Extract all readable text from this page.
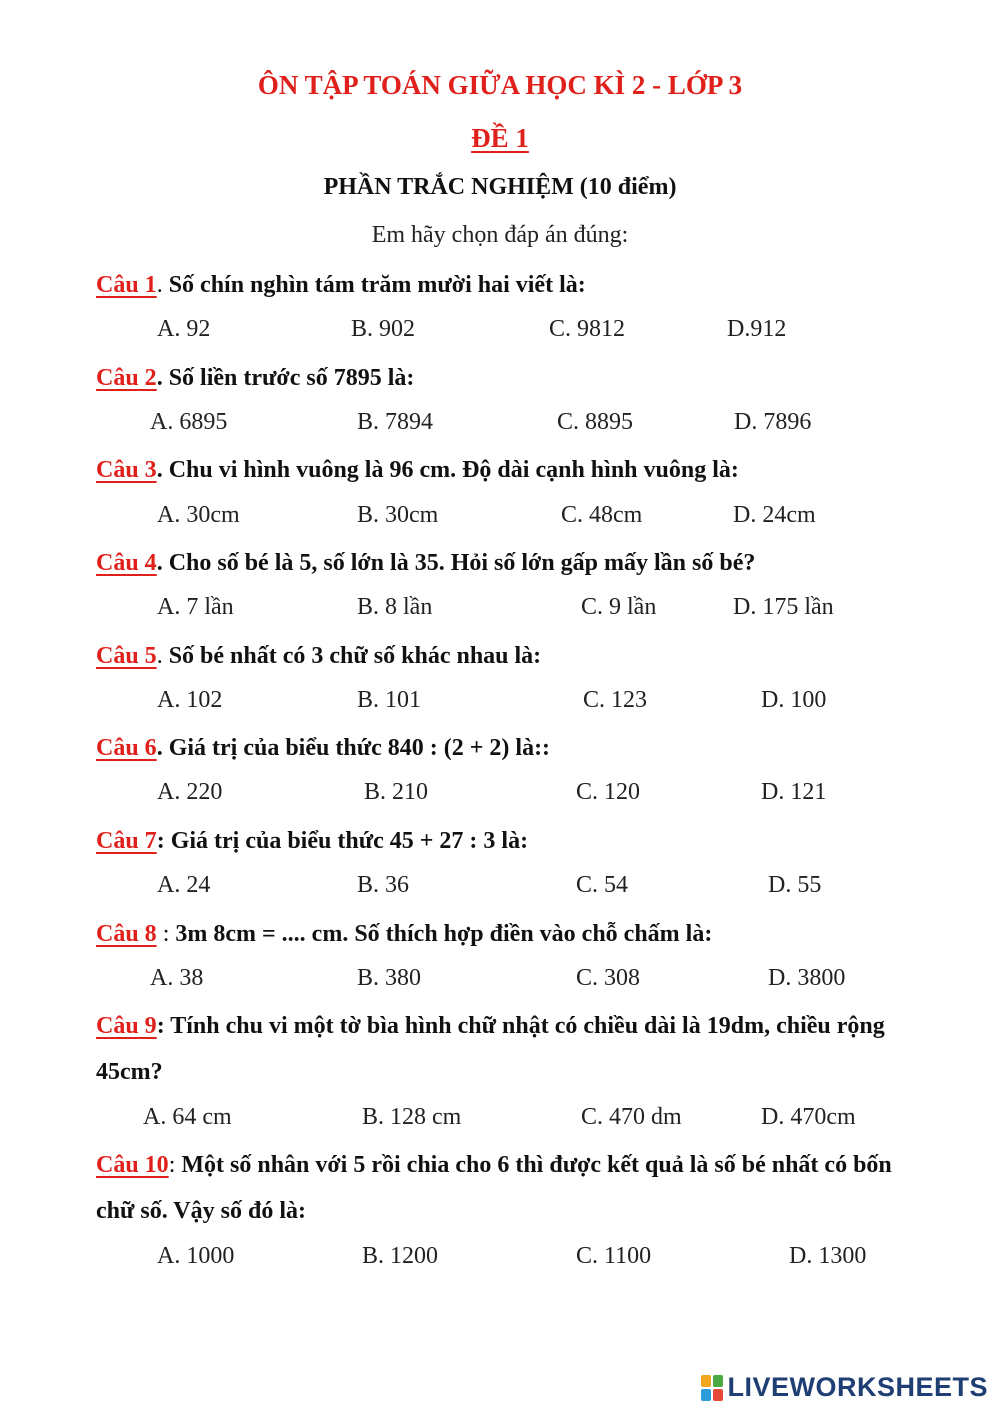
ÔN TẬP TOÁN GIỮA HỌC KÌ 2 - LỚP 3
ĐỀ 1
PHẦN TRẮC NGHIỆM (10 điểm)
Em hãy chọn đáp án đúng:
Câu 1. Số chín nghìn tám trăm mười hai viết là:
A. 92	B. 902	C. 9812	D.912
Câu 2. Số liền trước số 7895 là:
A. 6895	B. 7894	C. 8895	D. 7896
Câu 3. Chu vi hình vuông là 96 cm. Độ dài cạnh hình vuông là:
A. 30cm	B. 30cm	C. 48cm	D. 24cm
Câu 4. Cho số bé là 5, số lớn là 35. Hỏi số lớn gấp mấy lần số bé?
A. 7 lần	B. 8 lần	C. 9 lần	D. 175 lần
Câu 5. Số bé nhất có 3 chữ số khác nhau là:
A. 102	B. 101	C. 123	D. 100
Câu 6. Giá trị của biểu thức 840 : (2 + 2) là::
A. 220	B. 210	C. 120	D. 121
Câu 7: Giá trị của biểu thức 45 + 27 : 3 là:
A. 24	B. 36	C. 54	D. 55
Câu 8 : 3m 8cm = .... cm. Số thích hợp điền vào chỗ chấm là:
A. 38	B. 380	C. 308	D. 3800
Câu 9: Tính chu vi một tờ bìa hình chữ nhật có chiều dài là 19dm, chiều rộng 45cm?
A. 64 cm	B. 128 cm	C. 470 dm	D. 470cm
Câu 10: Một số nhân với 5 rồi chia cho 6 thì được kết quả là số bé nhất có bốn chữ số. Vậy số đó là:
A. 1000	B. 1200	C. 1100	D. 1300
LIVEWORKSHEETS
